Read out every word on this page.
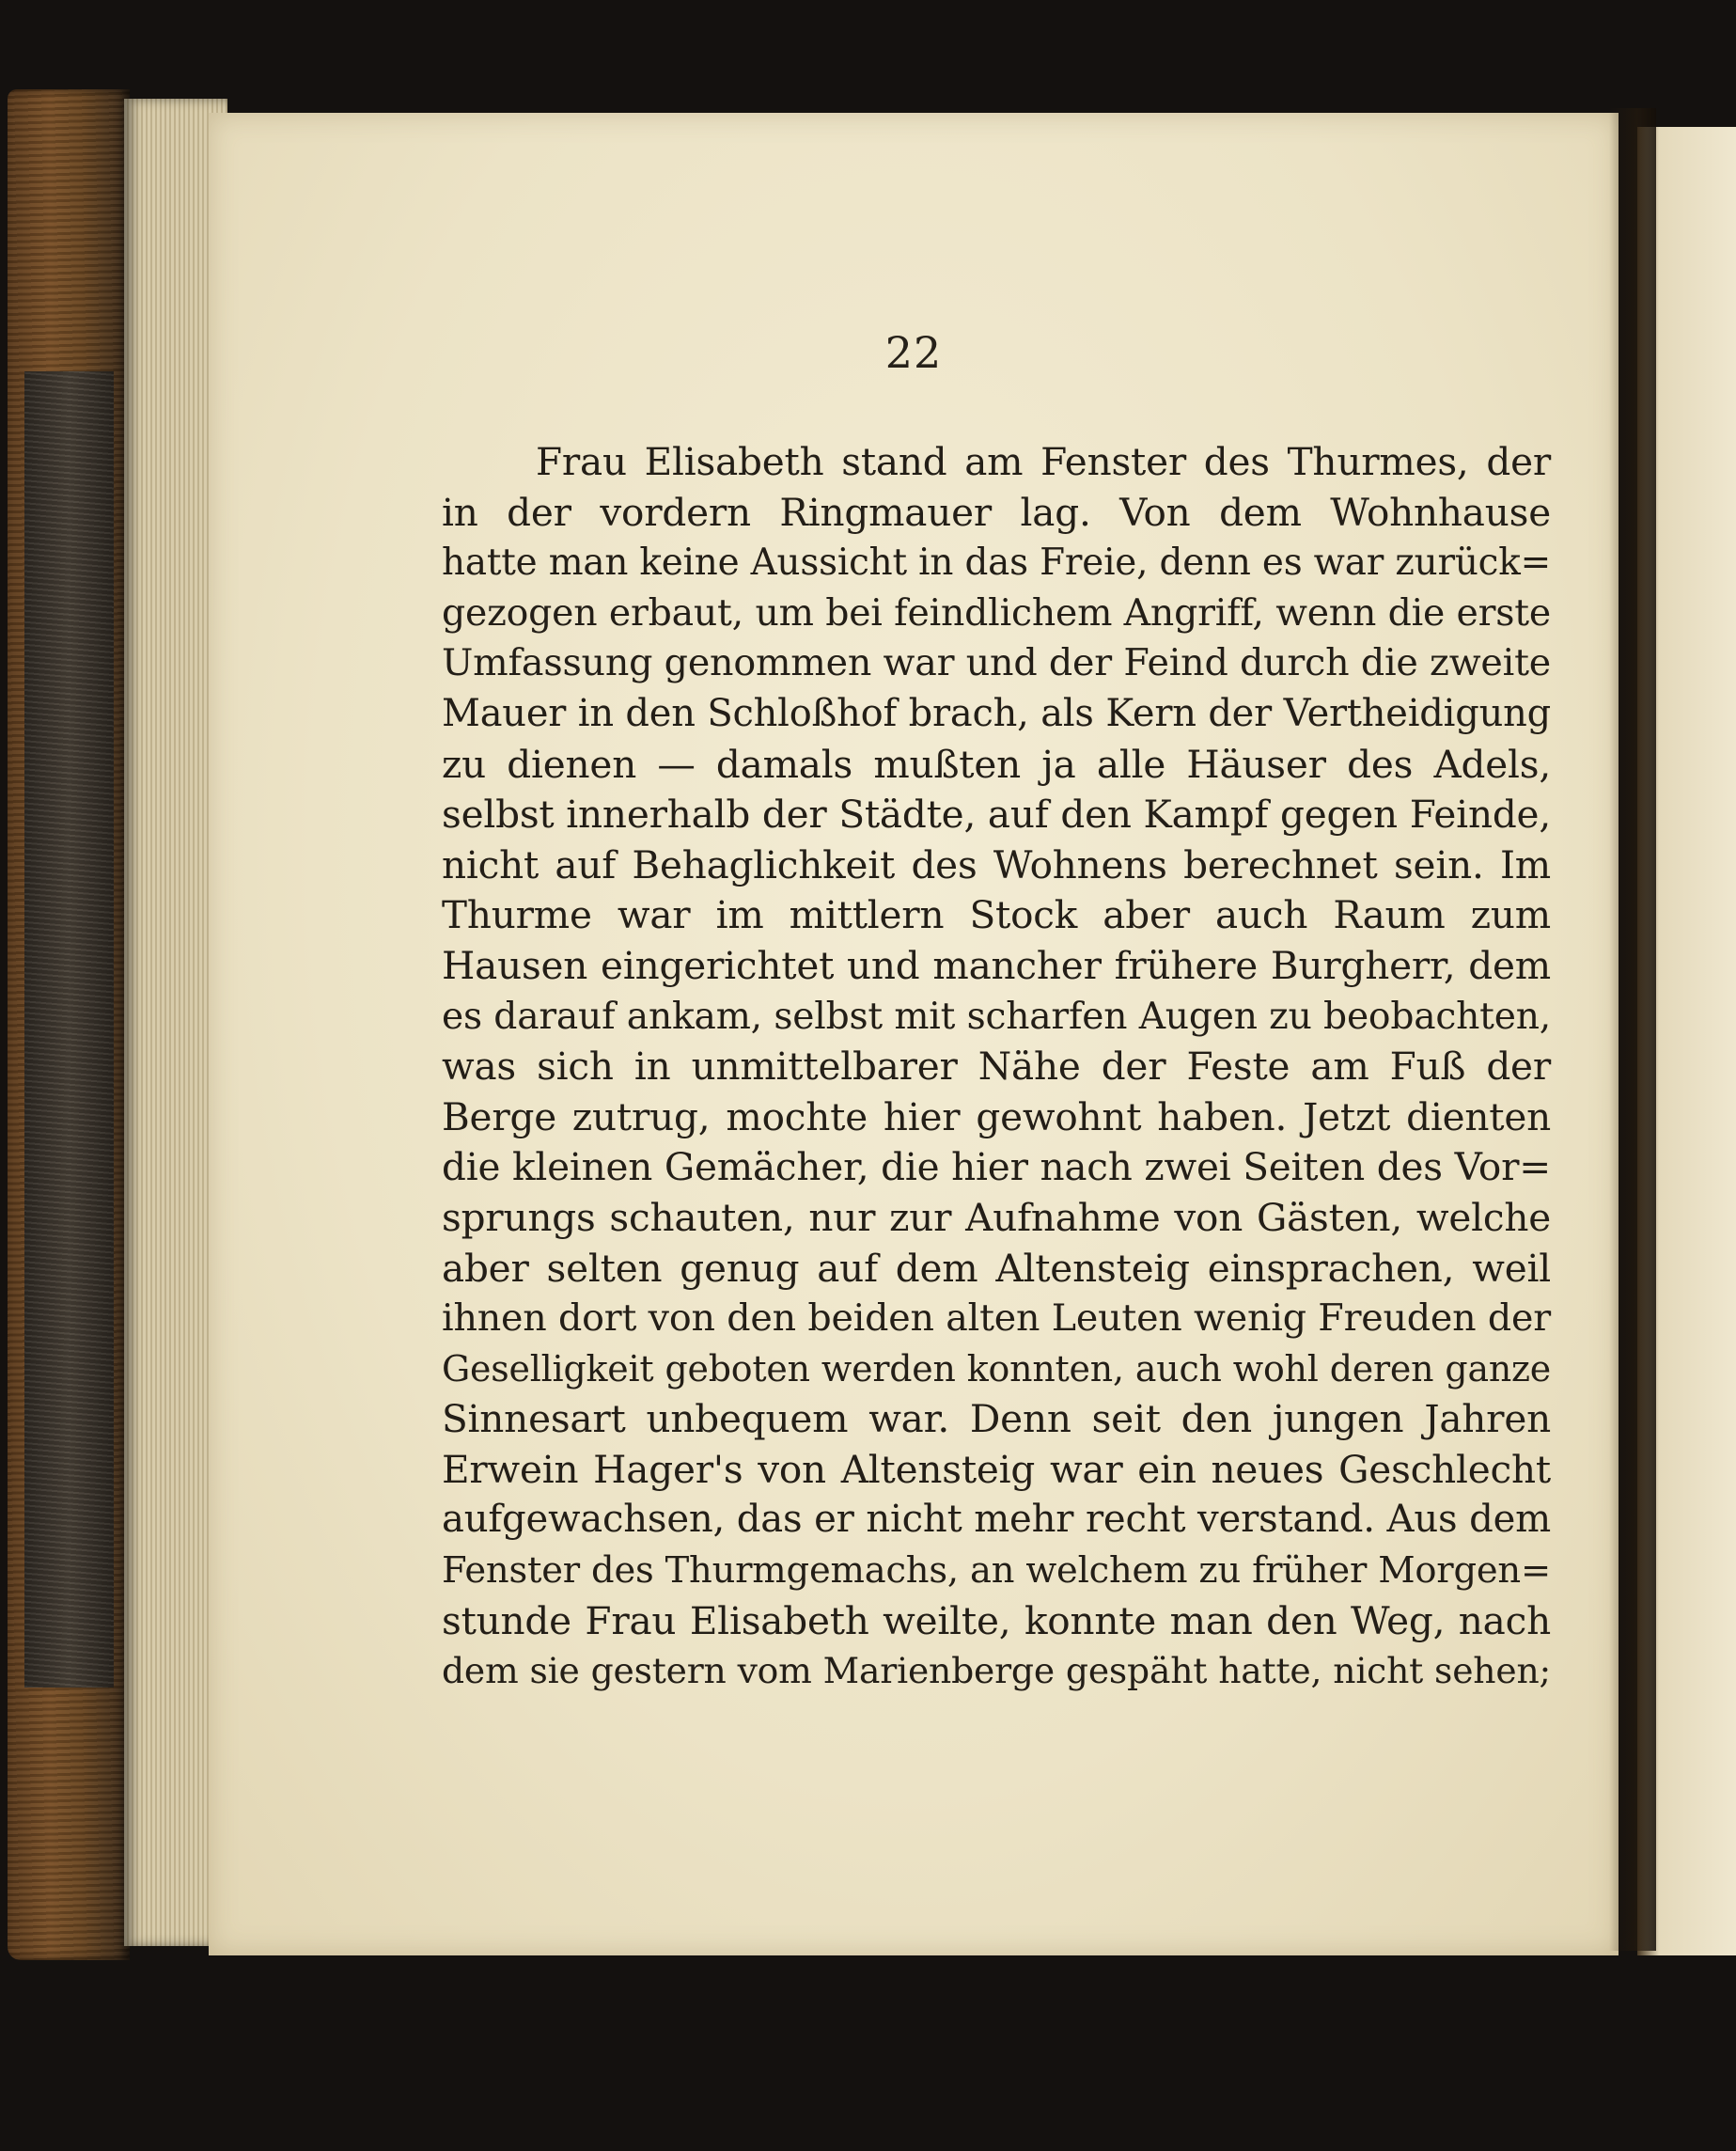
22
Frau Elisabeth stand am Fenster des Thurmes, der
in der vordern Ringmauer lag. Von dem Wohnhause
hatte man keine Aussicht in das Freie, denn es war zurück=
gezogen erbaut, um bei feindlichem Angriff, wenn die erste
Umfassung genommen war und der Feind durch die zweite
Mauer in den Schloßhof brach, als Kern der Vertheidigung
zu dienen — damals mußten ja alle Häuser des Adels,
selbst innerhalb der Städte, auf den Kampf gegen Feinde,
nicht auf Behaglichkeit des Wohnens berechnet sein. Im
Thurme war im mittlern Stock aber auch Raum zum
Hausen eingerichtet und mancher frühere Burgherr, dem
es darauf ankam, selbst mit scharfen Augen zu beobachten,
was sich in unmittelbarer Nähe der Feste am Fuß der
Berge zutrug, mochte hier gewohnt haben. Jetzt dienten
die kleinen Gemächer, die hier nach zwei Seiten des Vor=
sprungs schauten, nur zur Aufnahme von Gästen, welche
aber selten genug auf dem Altensteig einsprachen, weil
ihnen dort von den beiden alten Leuten wenig Freuden der
Geselligkeit geboten werden konnten, auch wohl deren ganze
Sinnesart unbequem war. Denn seit den jungen Jahren
Erwein Hager's von Altensteig war ein neues Geschlecht
aufgewachsen, das er nicht mehr recht verstand. Aus dem
Fenster des Thurmgemachs, an welchem zu früher Morgen=
stunde Frau Elisabeth weilte, konnte man den Weg, nach
dem sie gestern vom Marienberge gespäht hatte, nicht sehen;
